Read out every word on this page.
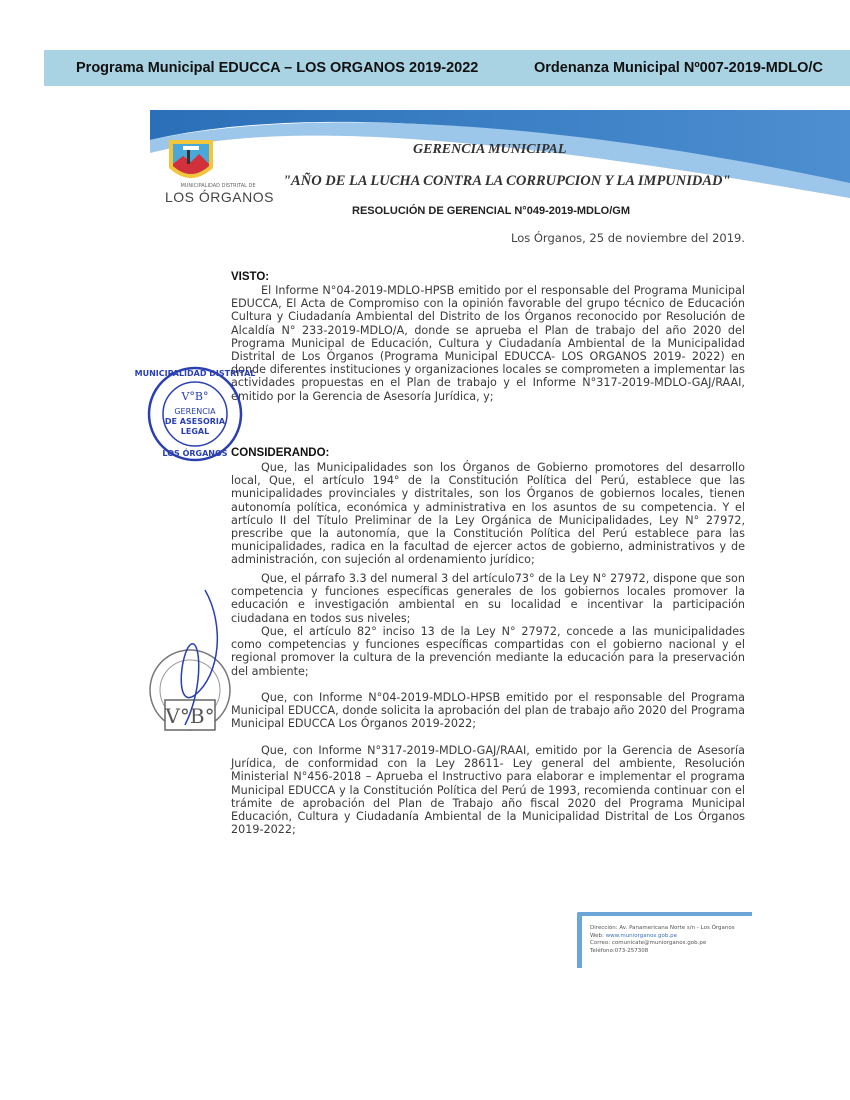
Programa Municipal EDUCCA – LOS ORGANOS 2019-2022	Ordenanza Municipal Nº007-2019-MDLO/C
MUNICIPALIDAD DISTRITAL DE
LOS ÓRGANOS
GERENCIA MUNICIPAL
"AÑO DE LA LUCHA CONTRA LA CORRUPCION Y LA IMPUNIDAD"
RESOLUCIÓN DE GERENCIAL N°049-2019-MDLO/GM
Los Órganos, 25 de noviembre del 2019.
VISTO:
El Informe N°04-2019-MDLO-HPSB emitido por el responsable del Programa Municipal EDUCCA, El Acta de Compromiso con la opinión favorable del grupo técnico de Educación Cultura y Ciudadanía Ambiental del Distrito de los Órganos reconocido por Resolución de Alcaldía N° 233-2019-MDLO/A, donde se aprueba el Plan de trabajo del año 2020 del Programa Municipal de Educación, Cultura y Ciudadanía Ambiental de la Municipalidad Distrital de Los Órganos (Programa Municipal EDUCCA- LOS ORGANOS 2019- 2022) en donde diferentes instituciones y organizaciones locales se comprometen a implementar las actividades propuestas en el Plan de trabajo y el Informe N°317-2019-MDLO-GAJ/RAAI, emitido por la Gerencia de Asesoría Jurídica, y;
CONSIDERANDO:
Que, las Municipalidades son los Órganos de Gobierno promotores del desarrollo local, Que, el artículo 194° de la Constitución Política del Perú, establece que las municipalidades provinciales y distritales, son los Órganos de gobiernos locales, tienen autonomía política, económica y administrativa en los asuntos de su competencia. Y el artículo II del Título Preliminar de la Ley Orgánica de Municipalidades, Ley N° 27972, prescribe que la autonomía, que la Constitución Política del Perú establece para las municipalidades, radica en la facultad de ejercer actos de gobierno, administrativos y de administración, con sujeción al ordenamiento jurídico;
Que, el párrafo 3.3 del numeral 3 del artículo73° de la Ley N° 27972, dispone que son competencia y funciones específicas generales de los gobiernos locales promover la educación e investigación ambiental en su localidad e incentivar la participación ciudadana en todos sus niveles;
Que, el artículo 82° inciso 13 de la Ley N° 27972, concede a las municipalidades como competencias y funciones específicas compartidas con el gobierno nacional y el regional promover la cultura de la prevención mediante la educación para la preservación del ambiente;
Que, con Informe N°04-2019-MDLO-HPSB emitido por el responsable del Programa Municipal EDUCCA, donde solicita la aprobación del plan de trabajo año 2020 del Programa Municipal EDUCCA Los Órganos 2019-2022;
Que, con Informe N°317-2019-MDLO-GAJ/RAAI, emitido por la Gerencia de Asesoría Jurídica, de conformidad con la Ley 28611- Ley general del ambiente, Resolución Ministerial N°456-2018 – Aprueba el Instructivo para elaborar e implementar el programa Municipal EDUCCA y la Constitución Política del Perú de 1993, recomienda continuar con el trámite de aprobación del Plan de Trabajo año fiscal 2020 del Programa Municipal Educación, Cultura y Ciudadanía Ambiental de la Municipalidad Distrital de Los Órganos 2019-2022;
MUNICIPALIDAD DISTRITAL
V°B°
GERENCIA
DE ASESORIA
LEGAL
LOS ÓRGANOS
V°B°
Dirección: Av. Panamericana Norte s/n - Los Órganos
Web: www.muniorganos.gob.pe
Correo: comunicate@muniorganos.gob.pe
Teléfono:073-257308
